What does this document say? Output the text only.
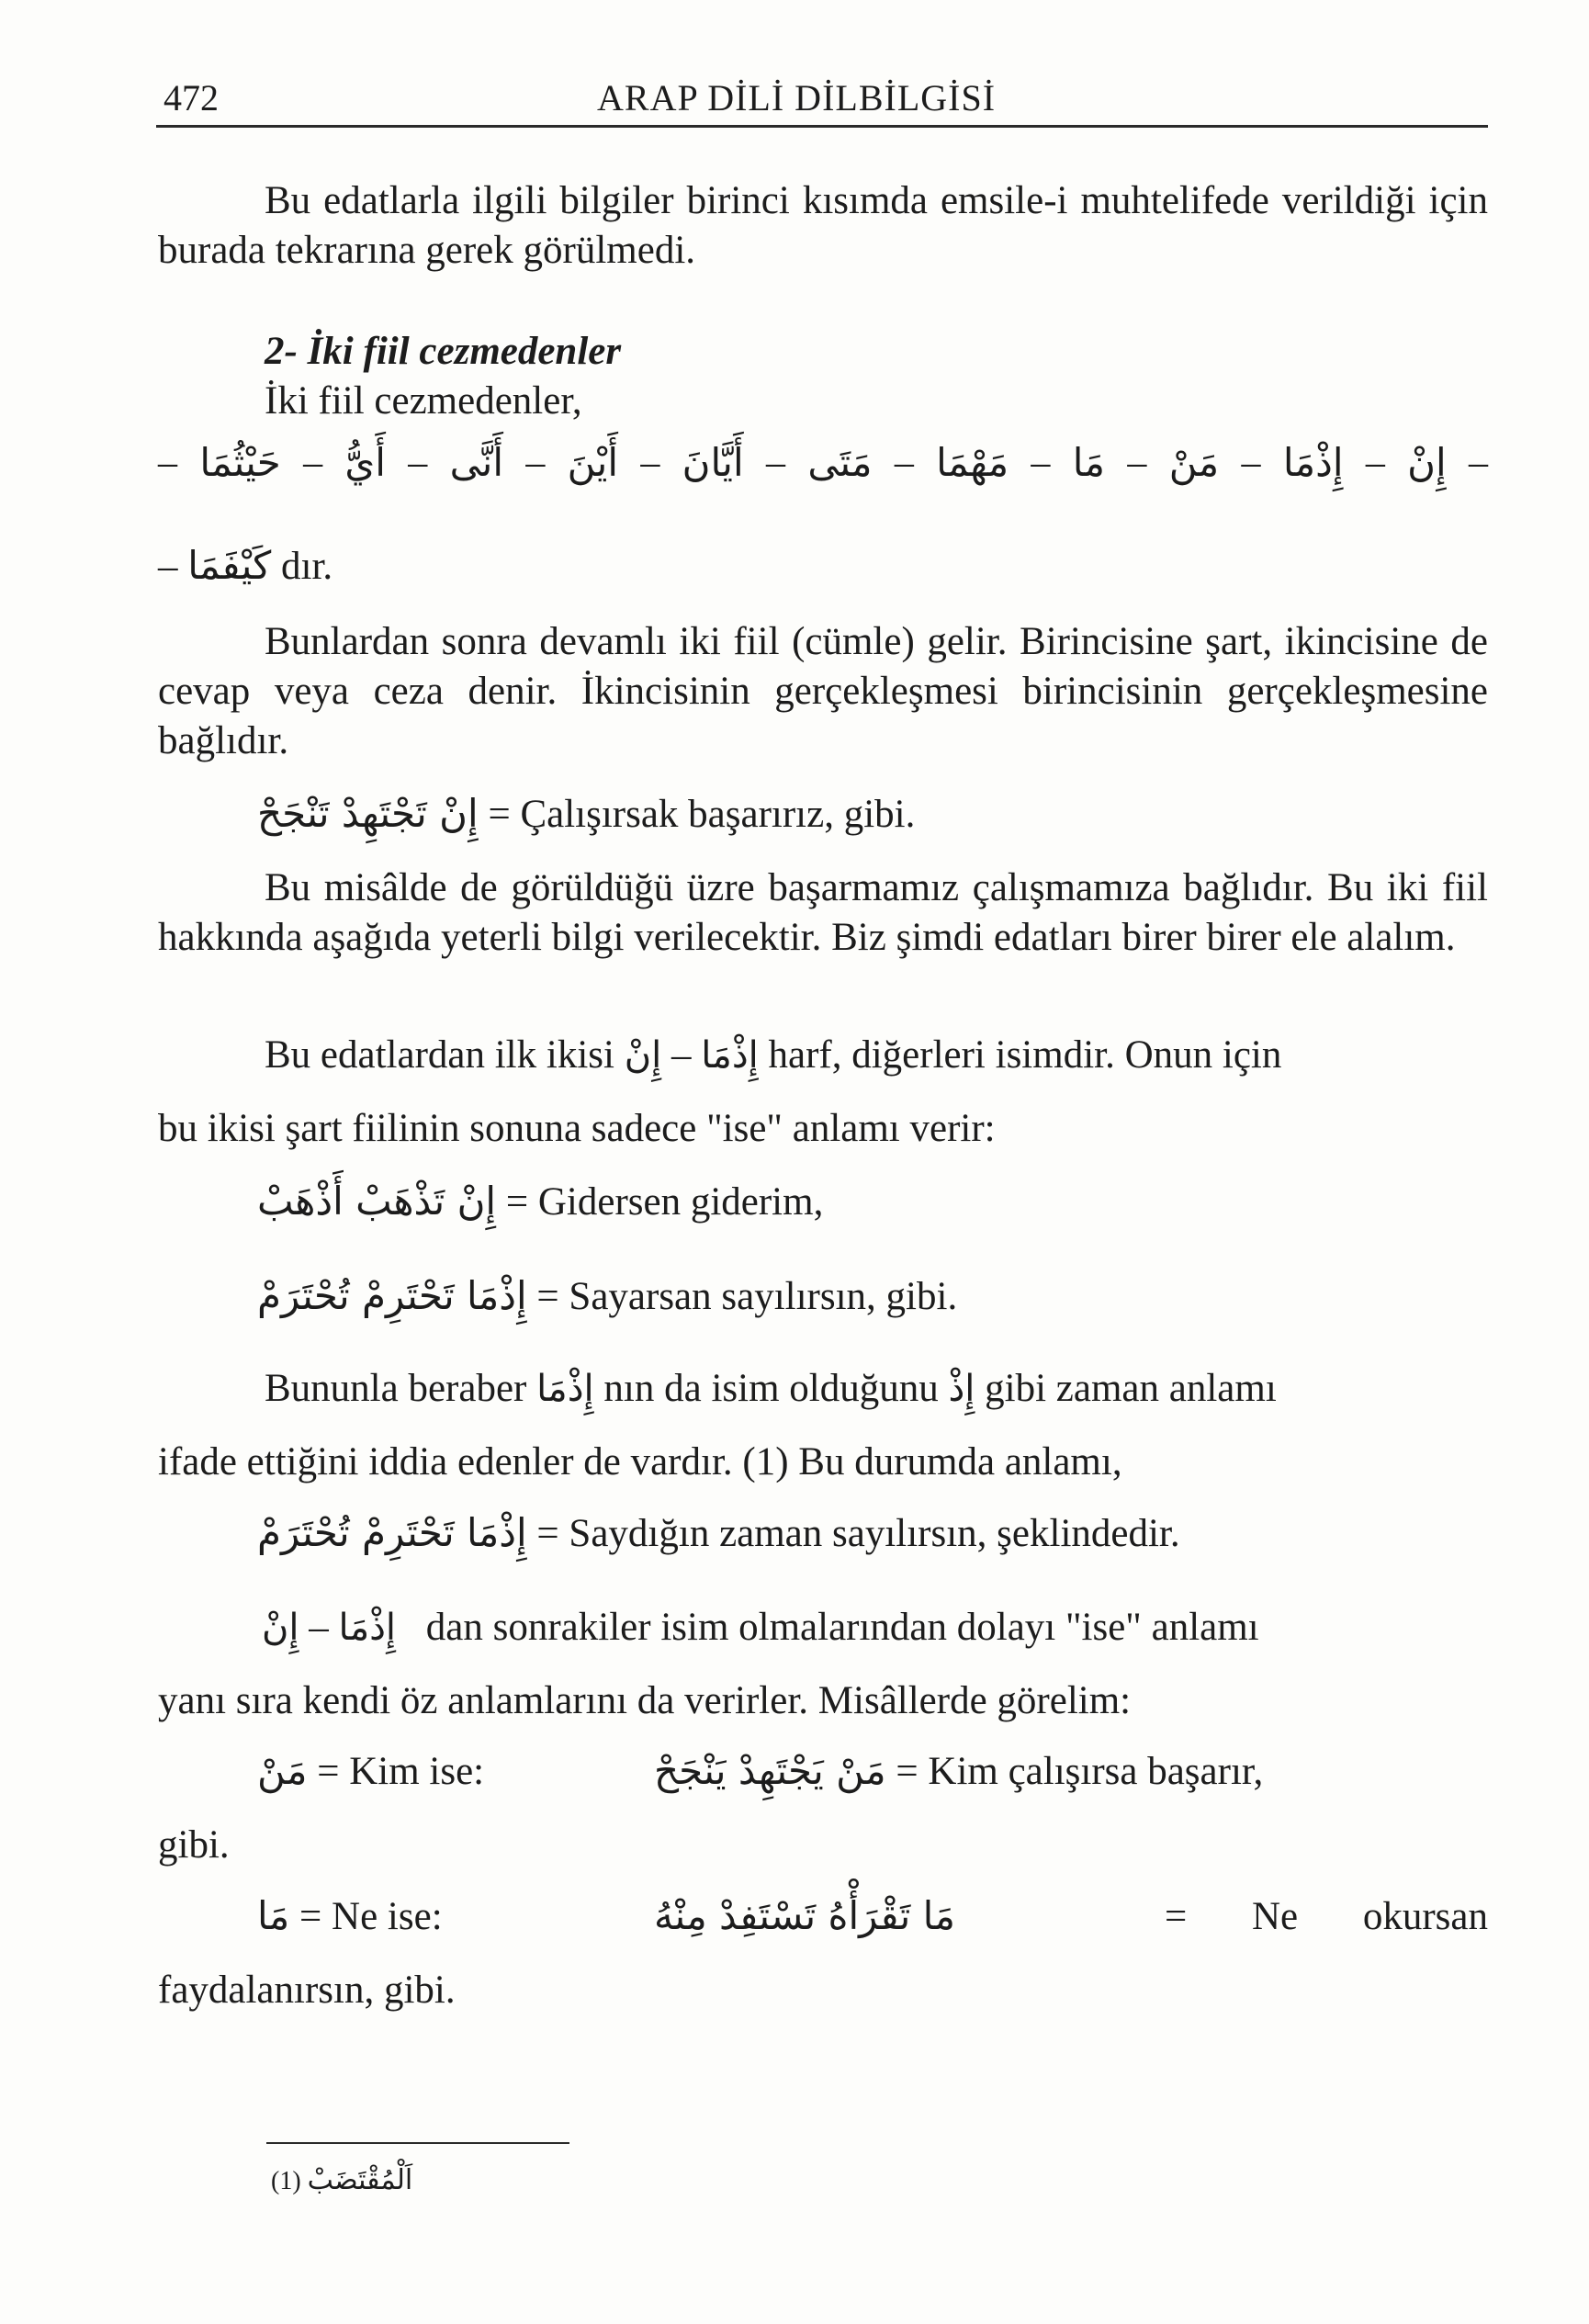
472	ARAP DİLİ DİLBİLGİSİ

Bu edatlarla ilgili bilgiler birinci kısımda emsile-i muhtelifede verildiği için burada tekrarına gerek görülmedi.

2- İki fiil cezmedenler
İki fiil cezmedenler,
–
إِنْ
–
إِذْمَا
–
مَنْ
–
مَا
–
مَهْمَا
–
مَتَى
–
أَيَّانَ
–
أَيْنَ
–
أَنَّى
–
أَيُّ
–
حَيْثُمَا
–
– كَيْفَمَا dır.

Bunlardan sonra devamlı iki fiil (cümle) gelir. Birincisine şart, ikincisine de cevap veya ceza denir. İkincisinin gerçekleşmesi birincisinin gerçekleşmesine bağlıdır.

إِنْ تَجْتَهِدْ تَنْجَحْ = Çalışırsak başarırız, gibi.

Bu misâlde de görüldüğü üzre başarmamız çalışmamıza bağlıdır. Bu iki fiil hakkında aşağıda yeterli bilgi verilecektir. Biz şimdi edatları birer birer ele alalım.

Bu edatlardan ilk ikisi إِنْ – إِذْمَا harf, diğerleri isimdir. Onun için
bu ikisi şart fiilinin sonuna sadece "ise" anlamı verir:
إِنْ تَذْهَبْ أَذْهَبْ = Gidersen giderim,
إِذْمَا تَحْتَرِمْ تُحْتَرَمْ = Sayarsan sayılırsın, gibi.
Bununla beraber إِذْمَا nın da isim olduğunu إِذْ gibi zaman anlamı
ifade ettiğini iddia edenler de vardır. (1) Bu durumda anlamı,
إِذْمَا تَحْتَرِمْ تُحْتَرَمْ = Saydığın zaman sayılırsın, şeklindedir.
إِنْ – إِذْمَا dan sonrakiler isim olmalarından dolayı "ise" anlamı
yanı sıra kendi öz anlamlarını da verirler. Misâllerde görelim:
مَنْ = Kim ise:	مَنْ يَجْتَهِدْ يَنْجَحْ = Kim çalışırsa başarır,
gibi.
مَا = Ne ise:	مَا تَقْرَأْهُ تَسْتَفِدْ مِنْهُ	= Ne okursan
faydalanırsın, gibi.
(1) اَلْمُقْتَضَبْ
